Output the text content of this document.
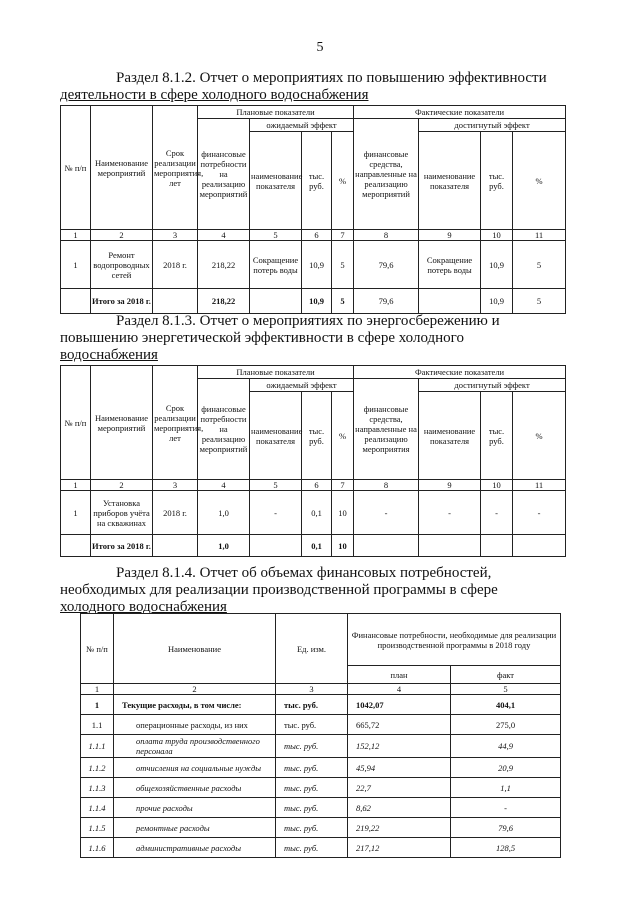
5
Раздел 8.1.2. Отчет о мероприятиях по повышению эффективности
деятельности в сфере холодного водоснабжения
№ п/п	Наименование мероприятий	Срок реализации мероприятия, лет	Плановые показатели				Фактические показатели			
			финансовые потребности на реализацию мероприятий	ожидаемый эффект			финансовые средства, направленные на реализацию мероприятий	достигнутый эффект		
				наименование показателя	тыс. руб.	%		наименование показателя	тыс. руб.	%
1	2	3	4	5	6	7	8	9	10	11
1	Ремонт водопроводных сетей	2018 г.	218,22	Сокращение потерь воды	10,9	5	79,6	Сокращение потерь воды	10,9	5
	Итого за 2018 г.		218,22		10,9	5	79,6		10,9	5
Раздел 8.1.3. Отчет о мероприятиях по энергосбережению и
повышению энергетической эффективности в сфере холодного
водоснабжения
№ п/п	Наименование мероприятий	Срок реализации мероприятия, лет	Плановые показатели				Фактические показатели			
			финансовые потребности на реализацию мероприятий	ожидаемый эффект			финансовые средства, направленные на реализацию мероприятия	достигнутый эффект		
				наименование показателя	тыс. руб.	%		наименование показателя	тыс. руб.	%
1	2	3	4	5	6	7	8	9	10	11
1	Установка приборов учёта на скважинах	2018 г.	1,0	-	0,1	10	-	-	-	-
	Итого за 2018 г.		1,0		0,1	10				
Раздел 8.1.4. Отчет об объемах финансовых потребностей,
необходимых для реализации производственной программы в сфере
холодного водоснабжения
№ п/п	Наименование	Ед. изм.	Финансовые потребности, необходимые для реализации производственной программы в 2018 году	
			план	факт
1	2	3	4	5
1	Текущие расходы, в том числе:	тыс. руб.	1042,07	404,1
1.1	операционные расходы, из них	тыс. руб.	665,72	275,0
1.1.1	оплата труда производственного персонала	тыс. руб.	152,12	44,9
1.1.2	отчисления на социальные нужды	тыс. руб.	45,94	20,9
1.1.3	общехозяйственные расходы	тыс. руб.	22,7	1,1
1.1.4	прочие расходы	тыс. руб.	8,62	-
1.1.5	ремонтные расходы	тыс. руб.	219,22	79,6
1.1.6	административные расходы	тыс. руб.	217,12	128,5
